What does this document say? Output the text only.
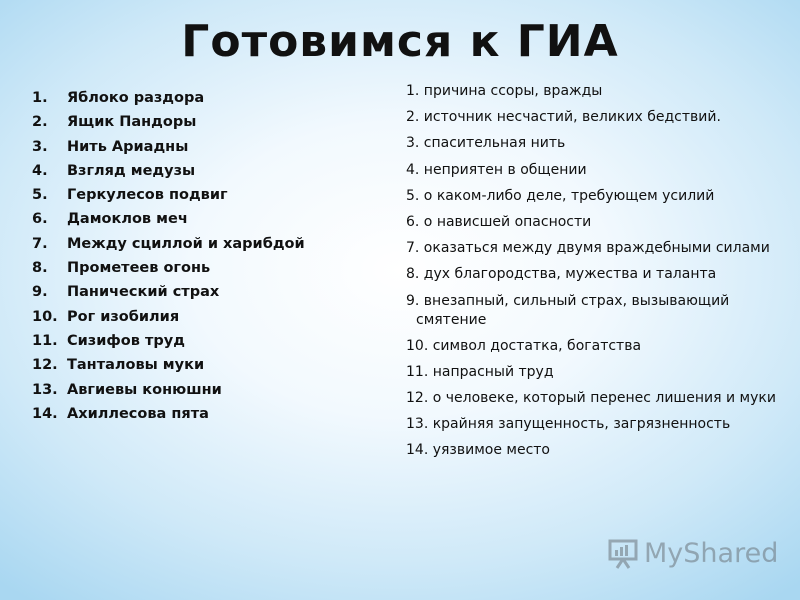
Готовимся к ГИА
1. Яблоко раздора
2. Ящик Пандоры
3. Нить Ариадны
4. Взгляд медузы
5. Геркулесов подвиг
6. Дамоклов меч
7. Между сциллой и харибдой
8. Прометеев огонь
9. Панический страх
10. Рог изобилия
11. Сизифов труд
12. Танталовы муки
13. Авгиевы конюшни
14. Ахиллесова пята
1. причина ссоры, вражды
2. источник несчастий, великих бедствий.
3. спасительная нить
4. неприятен в общении
5. о каком-либо деле, требующем усилий
6. о нависшей опасности
7. оказаться между двумя враждебными силами
8. дух благородства, мужества и таланта
9. внезапный, сильный страх, вызывающий смятение
10. символ достатка, богатства
11. напрасный труд
12. о человеке, который перенес лишения и муки
13. крайняя запущенность, загрязненность
14. уязвимое место
MyShared
